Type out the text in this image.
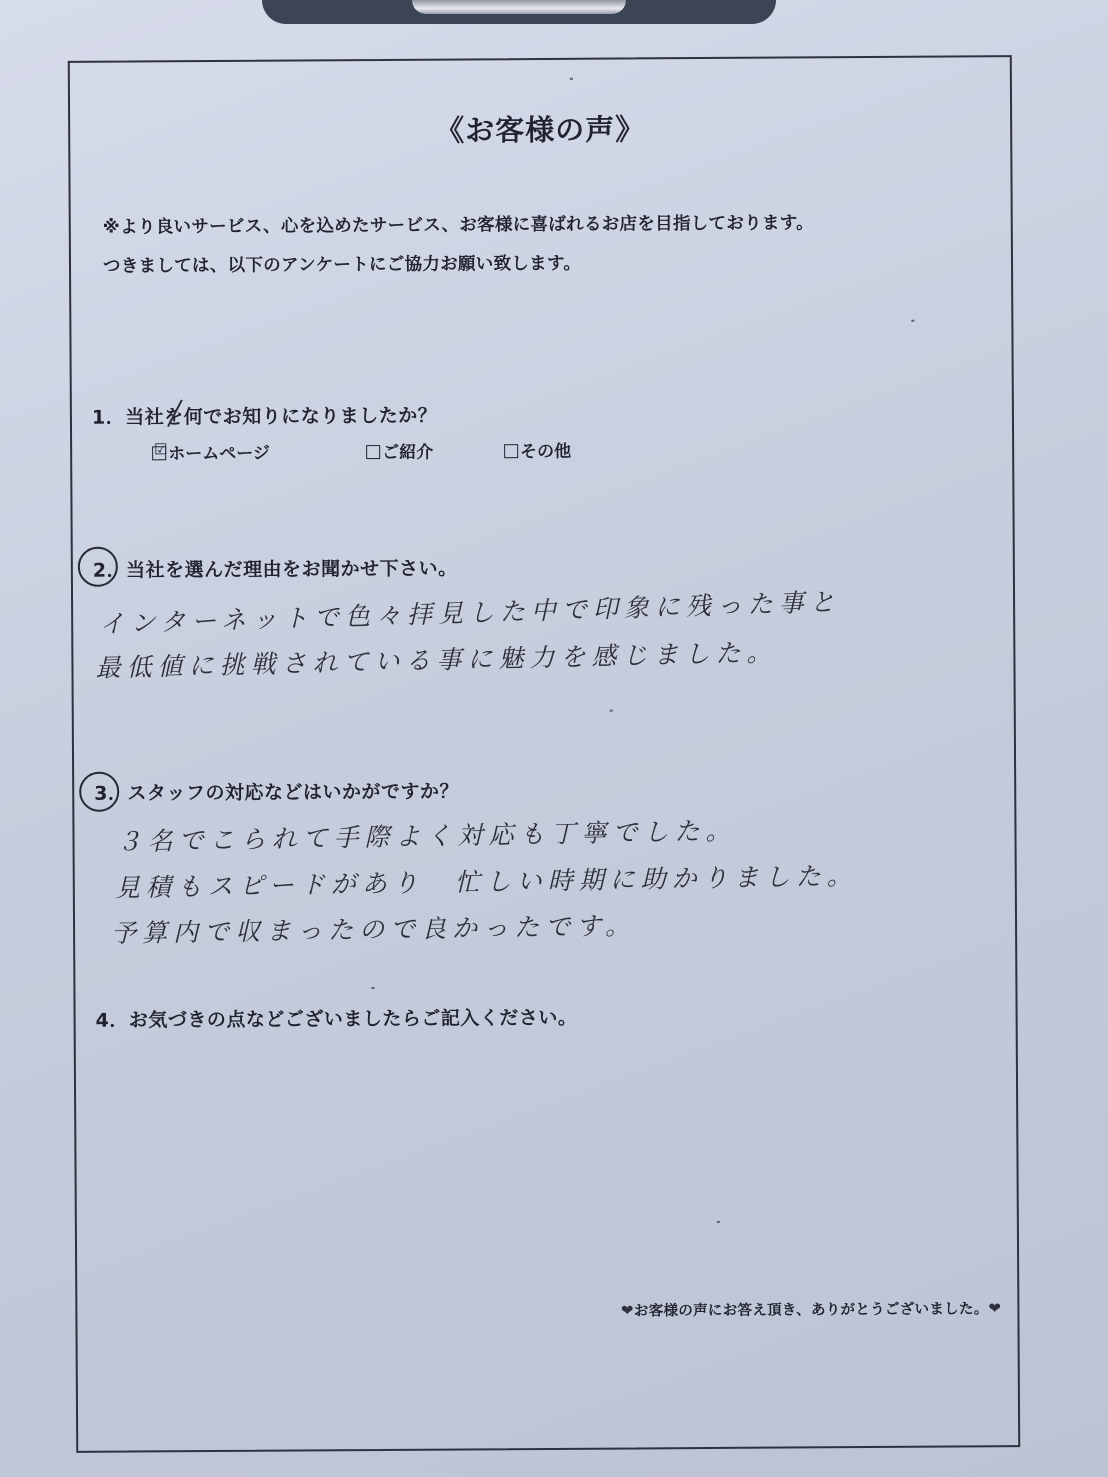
《お客様の声》
※より良いサービス、心を込めたサービス、お客様に喜ばれるお店を目指しております。
つきましては、以下のアンケートにご協力お願い致します。
1．当社を何でお知りになりましたか？
☑ ホームページ	ご紹介	その他
2．当社を選んだ理由をお聞かせ下さい。
インターネットで色々拝見した中で印象に残った事と
最低値に挑戦されている事に魅力を感じました。
3．スタッフの対応などはいかがですか？
３名でこられて手際よく対応も丁寧でした。
見積もスピードがあり　忙しい時期に助かりました。
予算内で収まったので良かったです。
4．お気づきの点などございましたらご記入ください。
❤お客様の声にお答え頂き、ありがとうございました。❤
